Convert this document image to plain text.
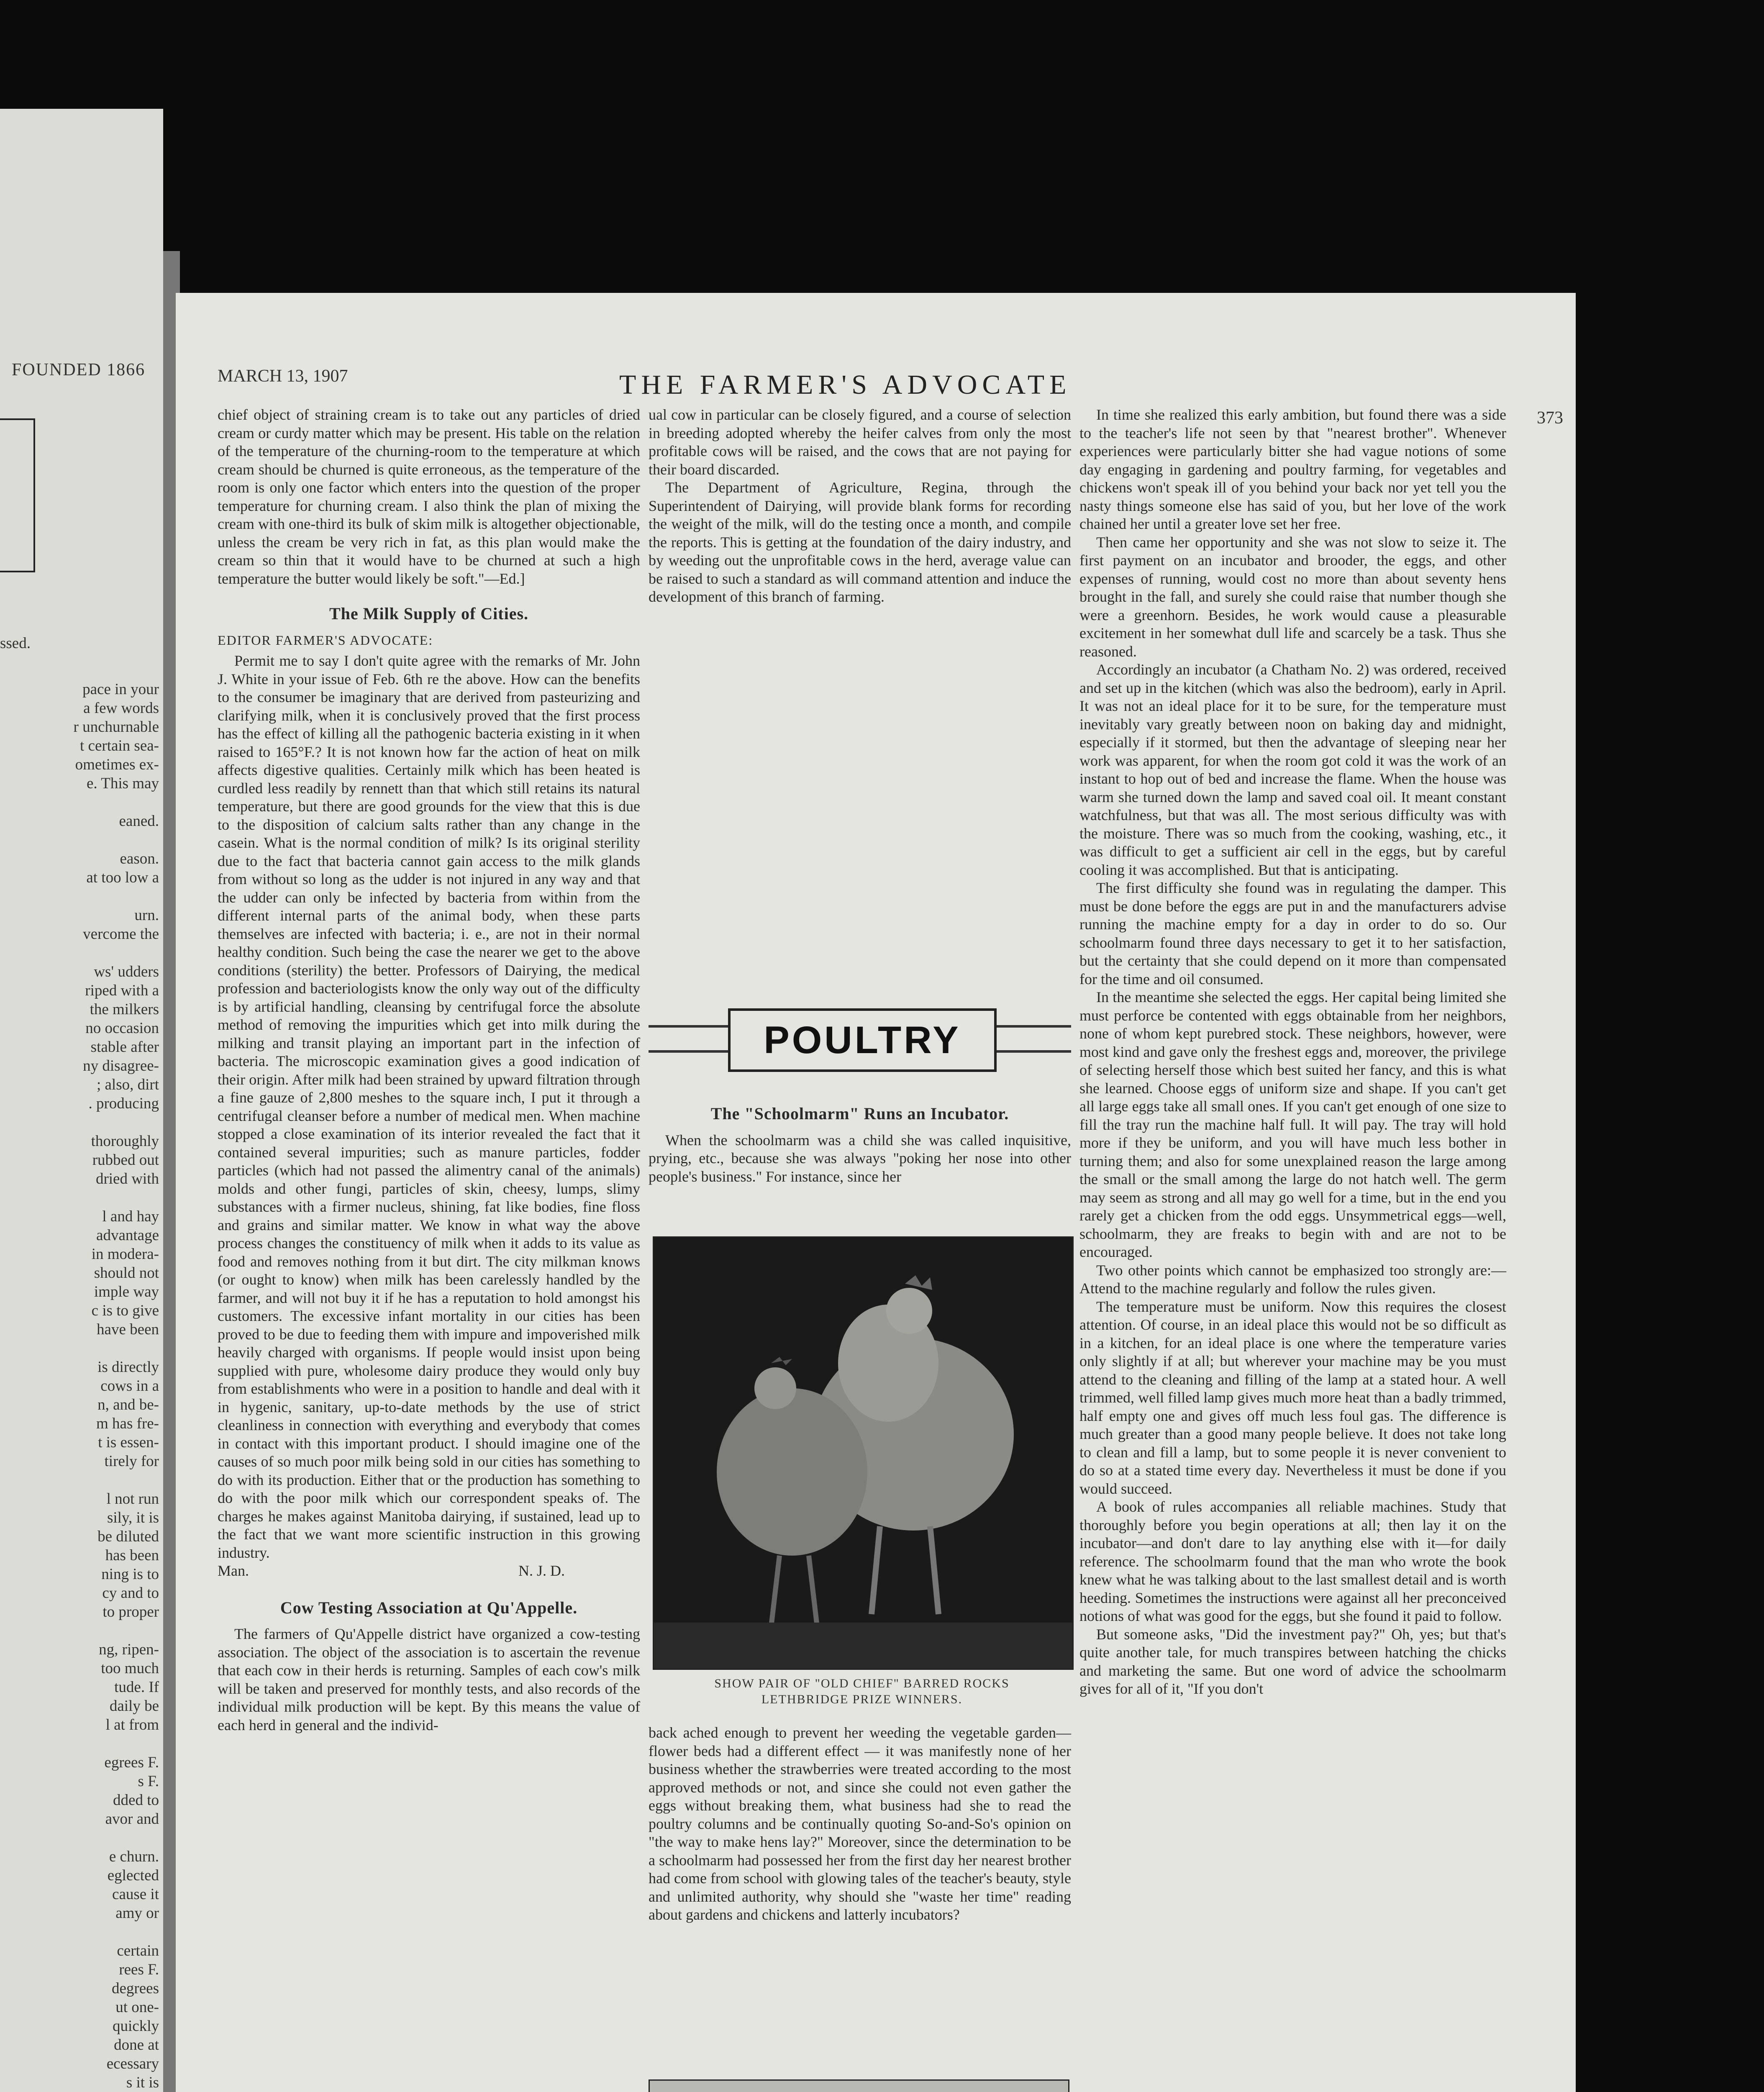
FOUNDED 1866
ssed.
pace in your
a few words
r unchurnable
t certain sea-
ometimes ex-
e. This may

eaned.

eason.
at too low a

urn.
vercome the

ws' udders
riped with a
the milkers
no occasion
stable after
ny disagree-
; also, dirt
. producing

thoroughly
rubbed out
dried with

l and hay
advantage
in modera-
should not
imple way
c is to give
have been

is directly
cows in a
n, and be-
m has fre-
t is essen-
tirely for

l not run
sily, it is
be diluted
has been
ning is to
cy and to
to proper

ng, ripen-
too much
tude. If
daily be
l at from

egrees F.
s F.
dded to
avor and

e churn.
eglected
cause it
amy or

certain
rees F.
degrees
ut one-
quickly
done at
ecessary
s it is
MARCH 13, 1907	THE FARMER'S ADVOCATE
373

chief object of straining cream is to take out any particles of dried cream or curdy matter which may be present. His table on the relation of the temperature of the churning-room to the temperature at which cream should be churned is quite erroneous, as the temperature of the room is only one factor which enters into the question of the proper temperature for churning cream. I also think the plan of mixing the cream with one-third its bulk of skim milk is altogether objectionable, unless the cream be very rich in fat, as this plan would make the cream so thin that it would have to be churned at such a high temperature the butter would likely be soft."—Ed.]

The Milk Supply of Cities.

EDITOR FARMER'S ADVOCATE:

Permit me to say I don't quite agree with the remarks of Mr. John J. White in your issue of Feb. 6th re the above. How can the benefits to the consumer be imaginary that are derived from pasteurizing and clarifying milk, when it is conclusively proved that the first process has the effect of killing all the pathogenic bacteria existing in it when raised to 165°F.? It is not known how far the action of heat on milk affects digestive qualities. Certainly milk which has been heated is curdled less readily by rennett than that which still retains its natural temperature, but there are good grounds for the view that this is due to the disposition of calcium salts rather than any change in the casein. What is the normal condition of milk? Is its original sterility due to the fact that bacteria cannot gain access to the milk glands from without so long as the udder is not injured in any way and that the udder can only be infected by bacteria from within from the different internal parts of the animal body, when these parts themselves are infected with bacteria; i. e., are not in their normal healthy condition. Such being the case the nearer we get to the above conditions (sterility) the better. Professors of Dairying, the medical profession and bacteriologists know the only way out of the difficulty is by artificial handling, cleansing by centrifugal force the absolute method of removing the impurities which get into milk during the milking and transit playing an important part in the infection of bacteria. The microscopic examination gives a good indication of their origin. After milk had been strained by upward filtration through a fine gauze of 2,800 meshes to the square inch, I put it through a centrifugal cleanser before a number of medical men. When machine stopped a close examination of its interior revealed the fact that it contained several impurities; such as manure particles, fodder particles (which had not passed the alimentry canal of the animals) molds and other fungi, particles of skin, cheesy, lumps, slimy substances with a firmer nucleus, shining, fat like bodies, fine floss and grains and similar matter. We know in what way the above process changes the constituency of milk when it adds to its value as food and removes nothing from it but dirt. The city milkman knows (or ought to know) when milk has been carelessly handled by the farmer, and will not buy it if he has a reputation to hold amongst his customers. The excessive infant mortality in our cities has been proved to be due to feeding them with impure and impoverished milk heavily charged with organisms. If people would insist upon being supplied with pure, wholesome dairy produce they would only buy from establishments who were in a position to handle and deal with it in hygenic, sanitary, up-to-date methods by the use of strict cleanliness in connection with everything and everybody that comes in contact with this important product. I should imagine one of the causes of so much poor milk being sold in our cities has something to do with its production. Either that or the production has something to do with the poor milk which our correspondent speaks of. The charges he makes against Manitoba dairying, if sustained, lead up to the fact that we want more scientific instruction in this growing industry.

Man.	N. J. D.

Cow Testing Association at Qu'Appelle.

The farmers of Qu'Appelle district have organized a cow-testing association. The object of the association is to ascertain the revenue that each cow in their herds is returning. Samples of each cow's milk will be taken and preserved for monthly tests, and also records of the individual milk production will be kept. By this means the value of each herd in general and the individ-

ual cow in particular can be closely figured, and a course of selection in breeding adopted whereby the heifer calves from only the most profitable cows will be raised, and the cows that are not paying for their board discarded.

The Department of Agriculture, Regina, through the Superintendent of Dairying, will provide blank forms for recording the weight of the milk, will do the testing once a month, and compile the reports. This is getting at the foundation of the dairy industry, and by weeding out the unprofitable cows in the herd, average value can be raised to such a standard as will command attention and induce the development of this branch of farming.

POULTRY
The "Schoolmarm" Runs an Incubator.

When the schoolmarm was a child she was called inquisitive, prying, etc., because she was always "poking her nose into other people's business." For instance, since her

SHOW PAIR OF "OLD CHIEF" BARRED ROCKS
LETHBRIDGE PRIZE WINNERS.

back ached enough to prevent her weeding the vegetable garden—flower beds had a different effect — it was manifestly none of her business whether the strawberries were treated according to the most approved methods or not, and since she could not even gather the eggs without breaking them, what business had she to read the poultry columns and be continually quoting So-and-So's opinion on "the way to make hens lay?" Moreover, since the determination to be a schoolmarm had possessed her from the first day her nearest brother had come from school with glowing tales of the teacher's beauty, style and unlimited authority, why should she "waste her time" reading about gardens and chickens and latterly incubators?

In time she realized this early ambition, but found there was a side to the teacher's life not seen by that "nearest brother". Whenever experiences were particularly bitter she had vague notions of some day engaging in gardening and poultry farming, for vegetables and chickens won't speak ill of you behind your back nor yet tell you the nasty things someone else has said of you, but her love of the work chained her until a greater love set her free.

Then came her opportunity and she was not slow to seize it. The first payment on an incubator and brooder, the eggs, and other expenses of running, would cost no more than about seventy hens brought in the fall, and surely she could raise that number though she were a greenhorn. Besides, he work would cause a pleasurable excitement in her somewhat dull life and scarcely be a task. Thus she reasoned.

Accordingly an incubator (a Chatham No. 2) was ordered, received and set up in the kitchen (which was also the bedroom), early in April. It was not an ideal place for it to be sure, for the temperature must inevitably vary greatly between noon on baking day and midnight, especially if it stormed, but then the advantage of sleeping near her work was apparent, for when the room got cold it was the work of an instant to hop out of bed and increase the flame. When the house was warm she turned down the lamp and saved coal oil. It meant constant watchfulness, but that was all. The most serious difficulty was with the moisture. There was so much from the cooking, washing, etc., it was difficult to get a sufficient air cell in the eggs, but by careful cooling it was accomplished. But that is anticipating.

The first difficulty she found was in regulating the damper. This must be done before the eggs are put in and the manufacturers advise running the machine empty for a day in order to do so. Our schoolmarm found three days necessary to get it to her satisfaction, but the certainty that she could depend on it more than compensated for the time and oil consumed.

In the meantime she selected the eggs. Her capital being limited she must perforce be contented with eggs obtainable from her neighbors, none of whom kept purebred stock. These neighbors, however, were most kind and gave only the freshest eggs and, moreover, the privilege of selecting herself those which best suited her fancy, and this is what she learned. Choose eggs of uniform size and shape. If you can't get all large eggs take all small ones. If you can't get enough of one size to fill the tray run the machine half full. It will pay. The tray will hold more if they be uniform, and you will have much less bother in turning them; and also for some unexplained reason the large among the small or the small among the large do not hatch well. The germ may seem as strong and all may go well for a time, but in the end you rarely get a chicken from the odd eggs. Unsymmetrical eggs—well, schoolmarm, they are freaks to begin with and are not to be encouraged.

Two other points which cannot be emphasized too strongly are:—Attend to the machine regularly and follow the rules given.

The temperature must be uniform. Now this requires the closest attention. Of course, in an ideal place this would not be so difficult as in a kitchen, for an ideal place is one where the temperature varies only slightly if at all; but wherever your machine may be you must attend to the cleaning and filling of the lamp at a stated hour. A well trimmed, well filled lamp gives much more heat than a badly trimmed, half empty one and gives off much less foul gas. The difference is much greater than a good many people believe. It does not take long to clean and fill a lamp, but to some people it is never convenient to do so at a stated time every day. Nevertheless it must be done if you would succeed.

A book of rules accompanies all reliable machines. Study that thoroughly before you begin operations at all; then lay it on the incubator—and don't dare to lay anything else with it—for daily reference. The schoolmarm found that the man who wrote the book knew what he was talking about to the last smallest detail and is worth heeding. Sometimes the instructions were against all her preconceived notions of what was good for the eggs, but she found it paid to follow.

But someone asks, "Did the investment pay?" Oh, yes; but that's quite another tale, for much transpires between hatching the chicks and marketing the same. But one word of advice the schoolmarm gives for all of it, "If you don't
